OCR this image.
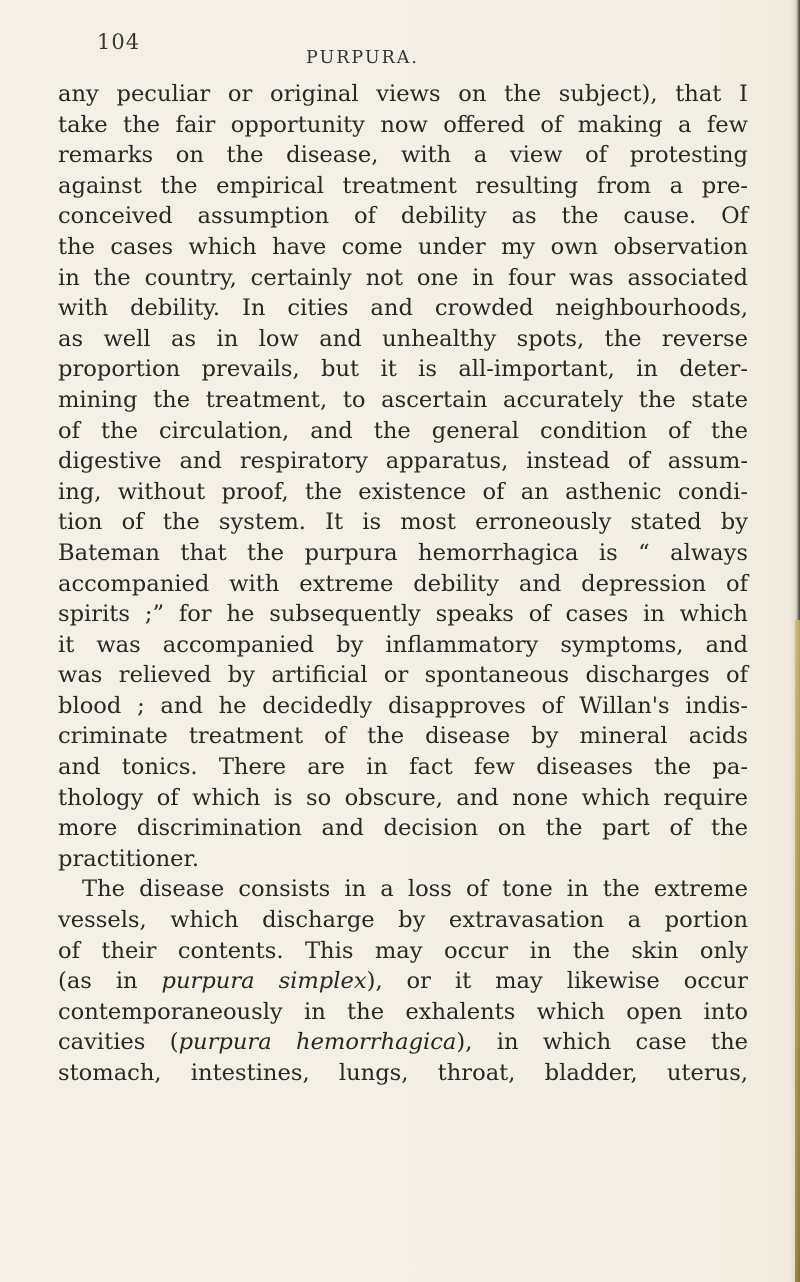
104
PURPURA.
any peculiar or original views on the subject), that I
take the fair opportunity now offered of making a few
remarks on the disease, with a view of protesting
against the empirical treatment resulting from a pre-
conceived assumption of debility as the cause. Of
the cases which have come under my own observation
in the country, certainly not one in four was associated
with debility. In cities and crowded neighbourhoods,
as well as in low and unhealthy spots, the reverse
proportion prevails, but it is all-important, in deter-
mining the treatment, to ascertain accurately the state
of the circulation, and the general condition of the
digestive and respiratory apparatus, instead of assum-
ing, without proof, the existence of an asthenic condi-
tion of the system. It is most erroneously stated by
Bateman that the purpura hemorrhagica is “ always
accompanied with extreme debility and depression of
spirits ;” for he subsequently speaks of cases in which
it was accompanied by inflammatory symptoms, and
was relieved by artificial or spontaneous discharges of
blood ; and he decidedly disapproves of Willan's indis-
criminate treatment of the disease by mineral acids
and tonics. There are in fact few diseases the pa-
thology of which is so obscure, and none which require
more discrimination and decision on the part of the
practitioner.
The disease consists in a loss of tone in the extreme
vessels, which discharge by extravasation a portion
of their contents. This may occur in the skin only
(as in purpura simplex), or it may likewise occur
contemporaneously in the exhalents which open into
cavities (purpura hemorrhagica), in which case the
stomach, intestines, lungs, throat, bladder, uterus,
